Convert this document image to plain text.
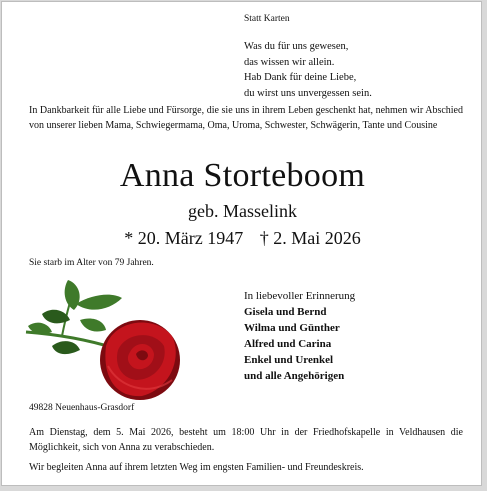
Statt Karten
Was du für uns gewesen,
das wissen wir allein.
Hab Dank für deine Liebe,
du wirst uns unvergessen sein.
In Dankbarkeit für alle Liebe und Fürsorge, die sie uns in ihrem Leben geschenkt hat, nehmen wir Abschied von unserer lieben Mama, Schwiegermama, Oma, Uroma, Schwester, Schwägerin, Tante und Cousine
Anna Storteboom
geb. Masselink
* 20. März 1947 † 2. Mai 2026
Sie starb im Alter von 79 Jahren.
In liebevoller Erinnerung
Gisela und Bernd
Wilma und Günther
Alfred und Carina
Enkel und Urenkel
und alle Angehörigen
49828 Neuenhaus-Grasdorf
Am Dienstag, dem 5. Mai 2026, besteht um 18:00 Uhr in der Friedhofskapelle in Veldhausen die Möglichkeit, sich von Anna zu verabschieden.
Wir begleiten Anna auf ihrem letzten Weg im engsten Familien- und Freundeskreis.
